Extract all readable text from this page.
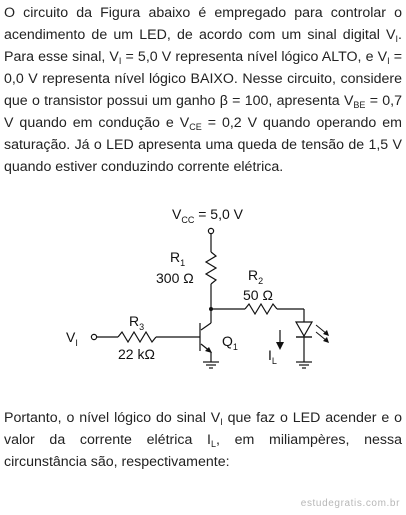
O circuito da Figura abaixo é empregado para controlar o acendimento de um LED, de acordo com um sinal digital $V_I$. Para esse sinal, $V_I = 5,0$ V representa nível lógico ALTO, e $V_I = 0,0$ V representa nível lógico BAIXO. Nesse circuito, considere que o transistor possui um ganho β = 100, apresenta $V_{BE} = 0,7$ V quando em condução e $V_{CE} = 0,2$ V quando operando em saturação. Já o LED apresenta uma queda de tensão de 1,5 V quando estiver conduzindo corrente elétrica.

$V_{CC} = 5,0$ V
$R_1$
300 Ω	$R_2$
50 Ω
$R_3$
22 kΩ
$V_I$	$Q_1$ $I_L$

Portanto, o nível lógico do sinal $V_I$ que faz o LED acender e o valor da corrente elétrica $I_L$, em miliampères, nessa circunstância são, respectivamente:

estudegratis.com.br
